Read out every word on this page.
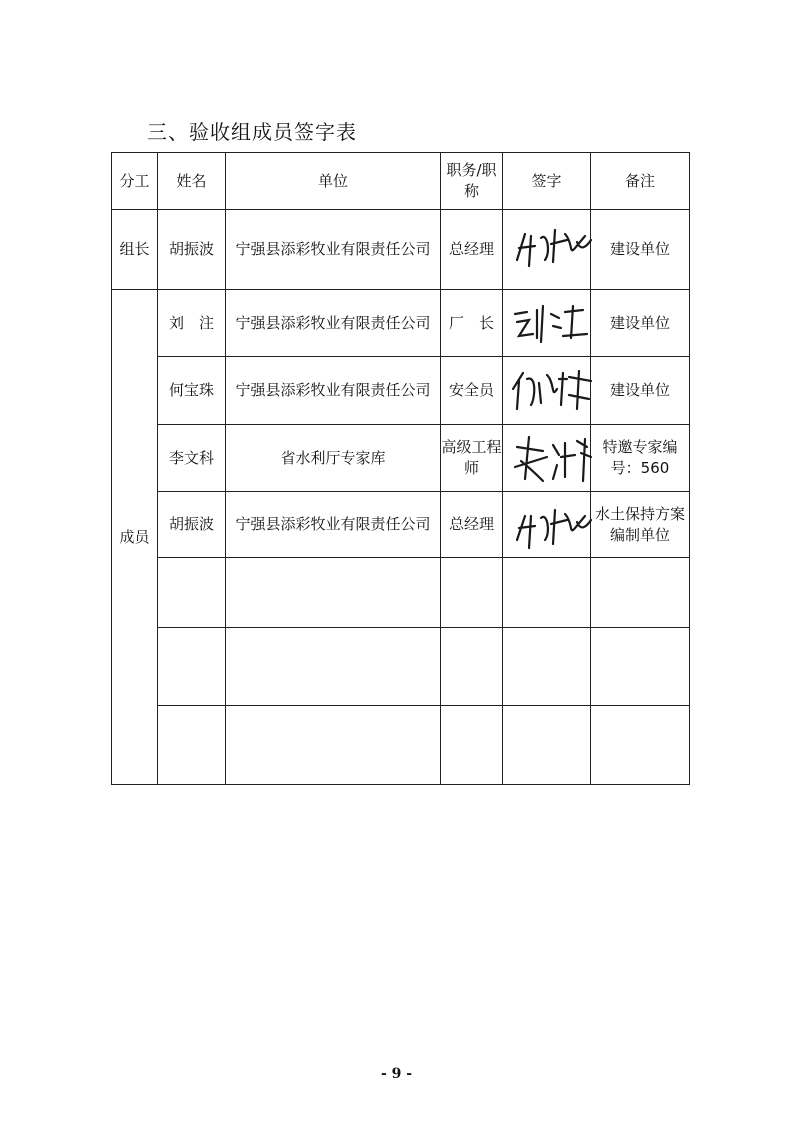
三、验收组成员签字表
分工	姓名	单位	职务/职称	签字	备注
组长	胡振波	宁强县添彩牧业有限责任公司	总经理		建设单位
成员	刘　注	宁强县添彩牧业有限责任公司	厂　长		建设单位
	何宝珠	宁强县添彩牧业有限责任公司	安全员		建设单位
	李文科	省水利厅专家库	高级工程师		特邀专家编号：560
	胡振波	宁强县添彩牧业有限责任公司	总经理		水土保持方案编制单位

- 9 -
